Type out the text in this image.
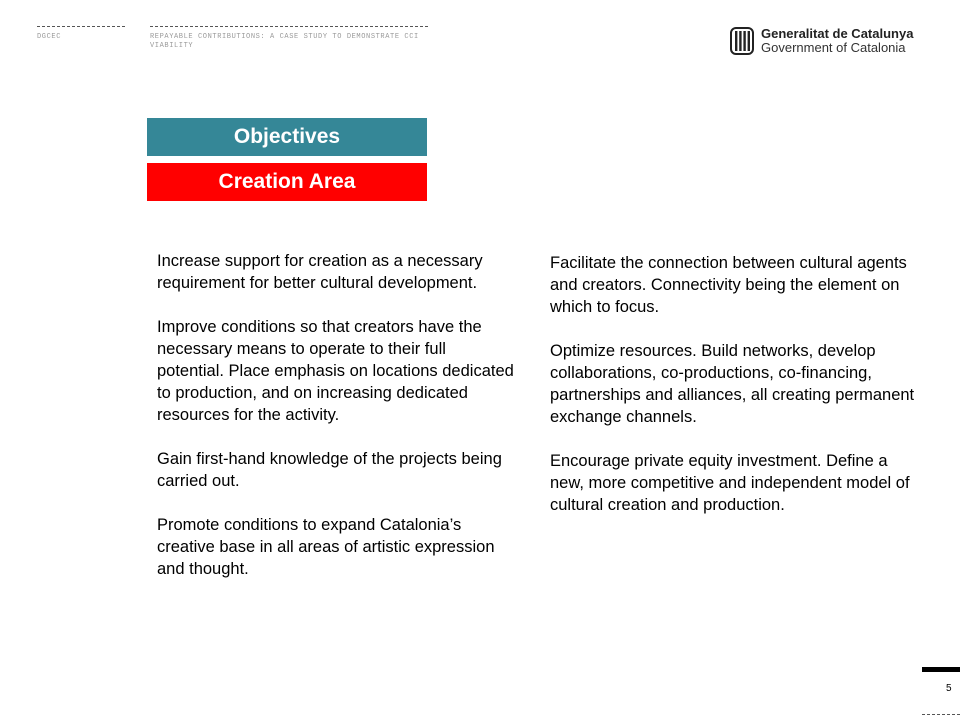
DGCEC	REPAYABLE CONTRIBUTIONS: A CASE STUDY TO DEMONSTRATE CCI VIABILITY
Generalitat de Catalunya
Government of Catalonia
Objectives
Creation Area

Increase support for creation as a necessary requirement for better cultural development.

Improve conditions so that creators have the necessary means to operate to their full potential. Place emphasis on locations dedicated to production, and on increasing dedicated resources for the activity.

Gain first-hand knowledge of the projects being carried out.

Promote conditions to expand Catalonia’s creative base in all areas of artistic expression and thought.

Facilitate the connection between cultural agents and creators. Connectivity being the element on which to focus.

Optimize resources. Build networks, develop collaborations, co-productions, co-financing, partnerships and alliances, all creating permanent exchange channels.

Encourage private equity investment. Define a new, more competitive and independent model of cultural creation and production.

5
